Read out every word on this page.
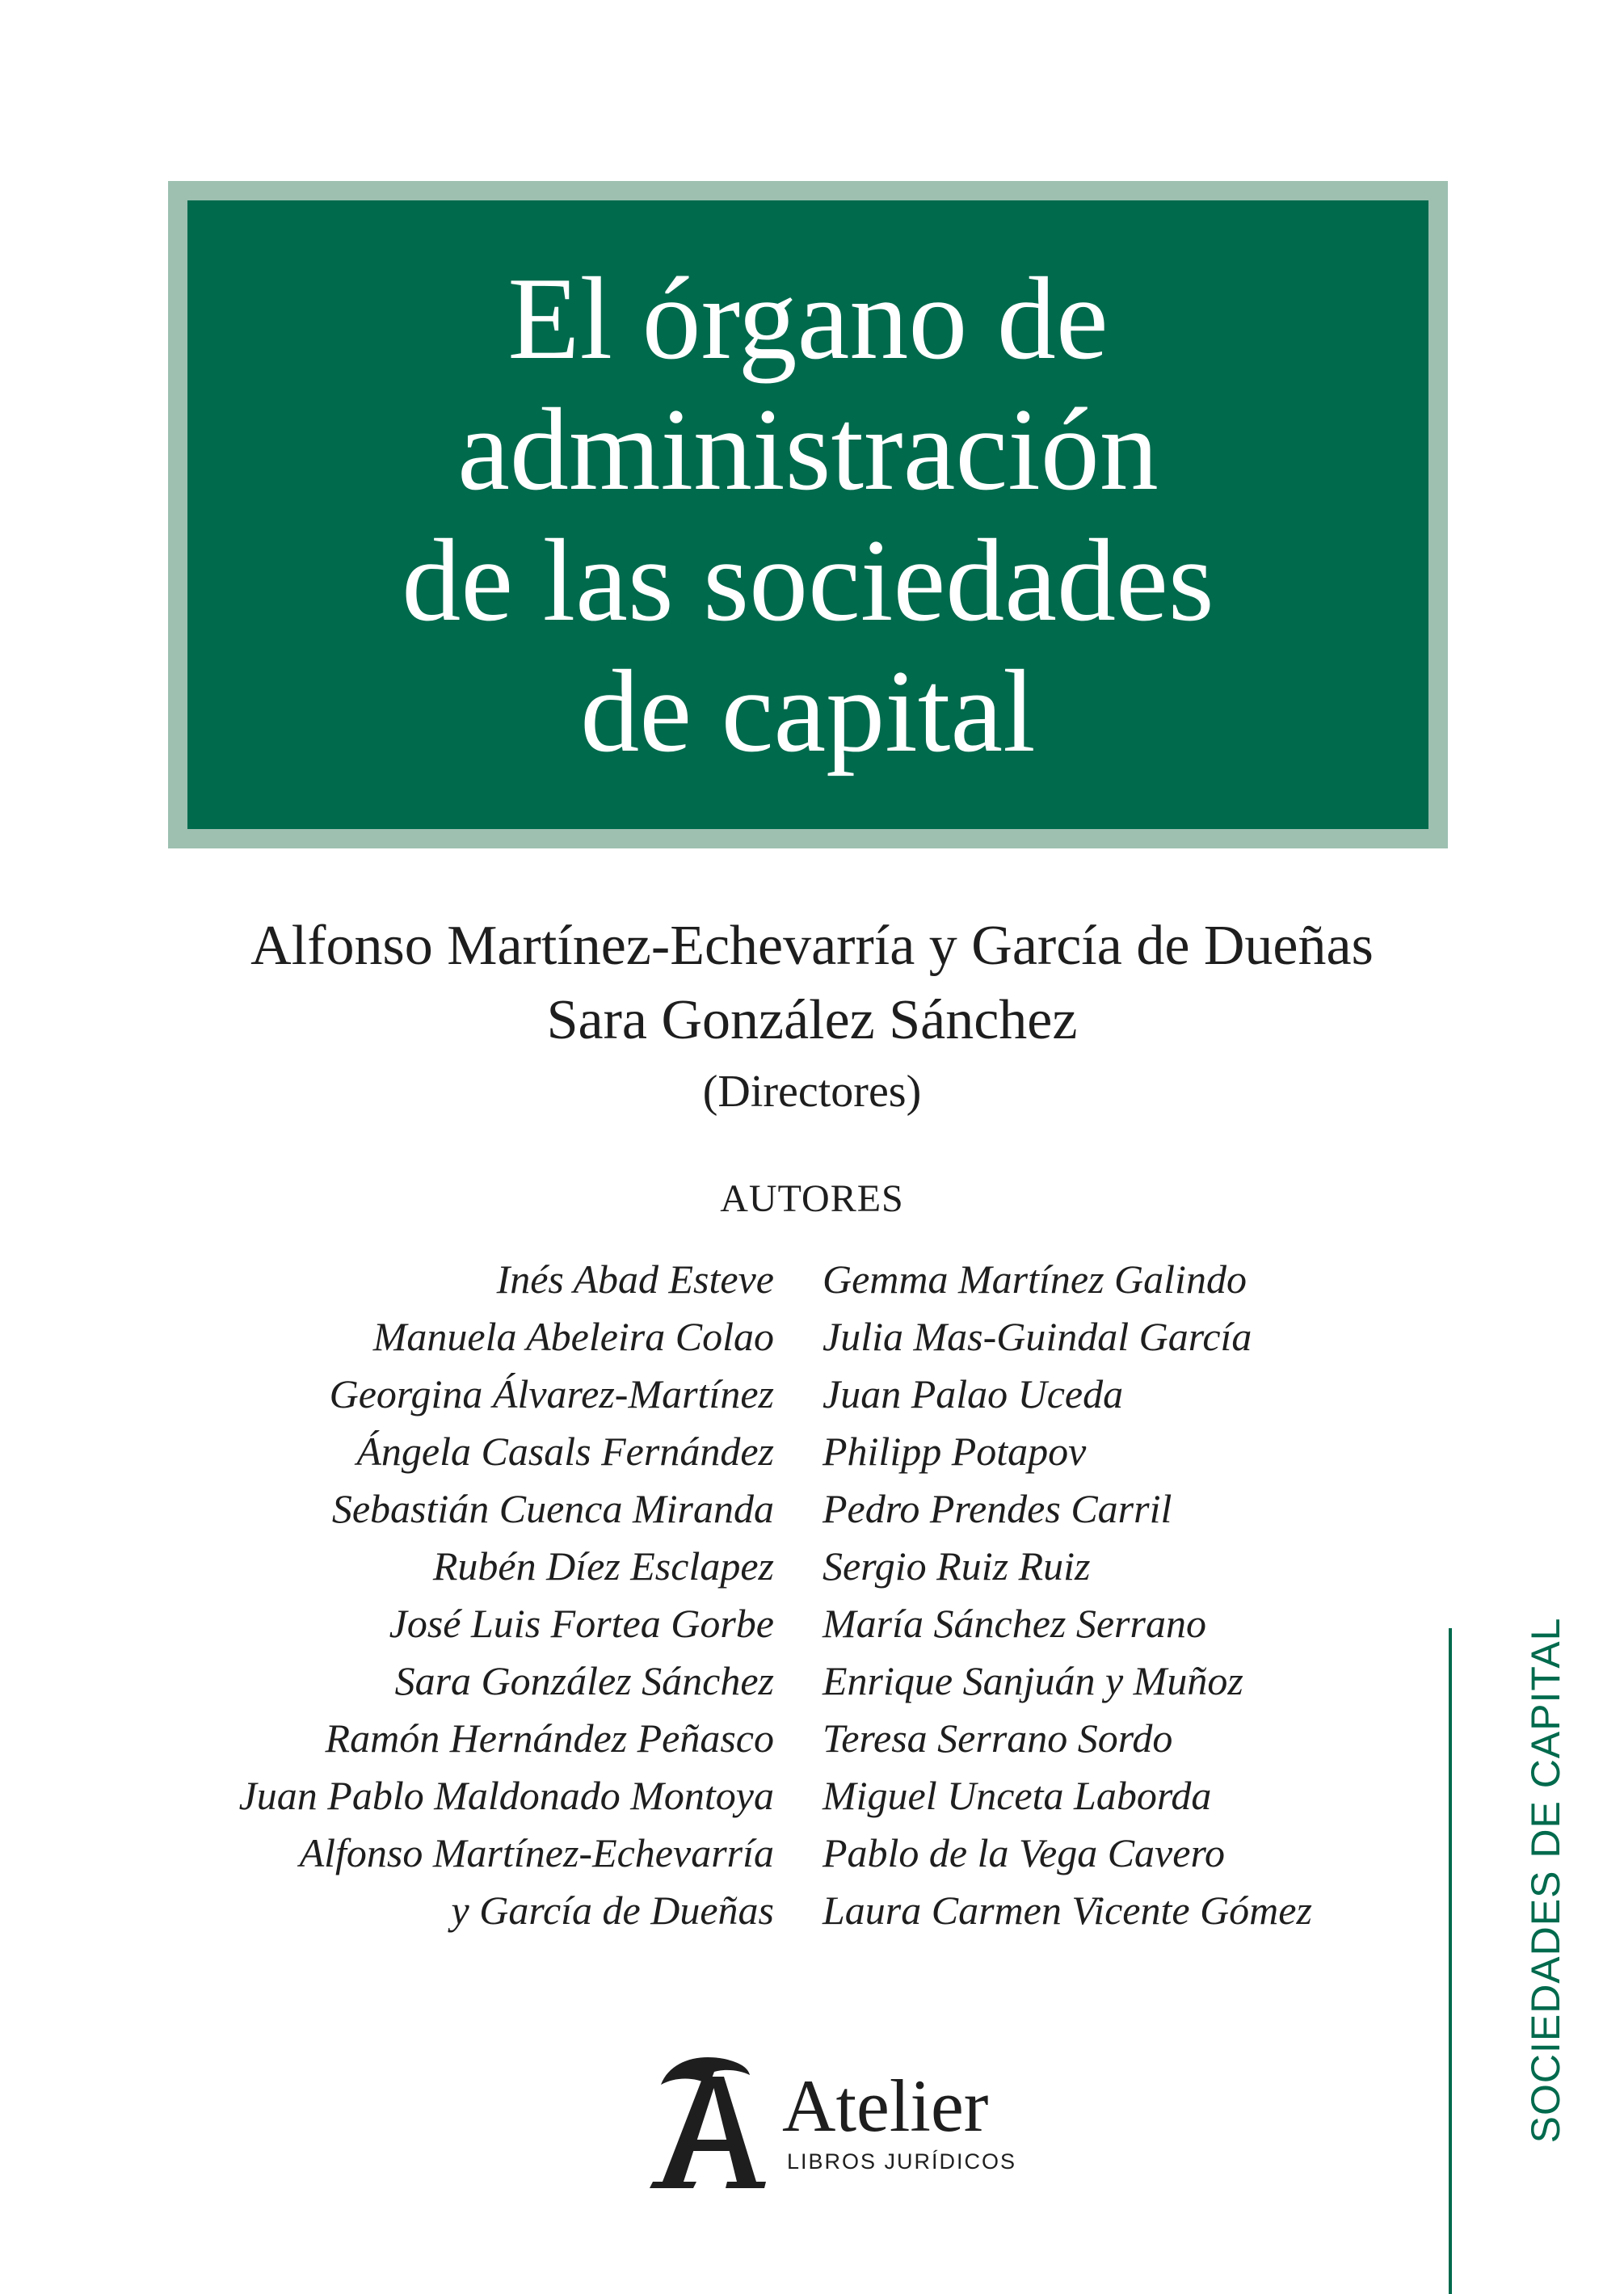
El órgano de
administración
de las sociedades
de capital
Alfonso Martínez-Echevarría y García de Dueñas
Sara González Sánchez
(Directores)
AUTORES
Inés Abad Esteve
Manuela Abeleira Colao
Georgina Álvarez-Martínez
Ángela Casals Fernández
Sebastián Cuenca Miranda
Rubén Díez Esclapez
José Luis Fortea Gorbe
Sara González Sánchez
Ramón Hernández Peñasco
Juan Pablo Maldonado Montoya
Alfonso Martínez-Echevarría
y García de Dueñas
Gemma Martínez Galindo
Julia Mas-Guindal García
Juan Palao Uceda
Philipp Potapov
Pedro Prendes Carril
Sergio Ruiz Ruiz
María Sánchez Serrano
Enrique Sanjuán y Muñoz
Teresa Serrano Sordo
Miguel Unceta Laborda
Pablo de la Vega Cavero
Laura Carmen Vicente Gómez	SOCIEDADES DE CAPITAL
Atelier
LIBROS JURÍDICOS
